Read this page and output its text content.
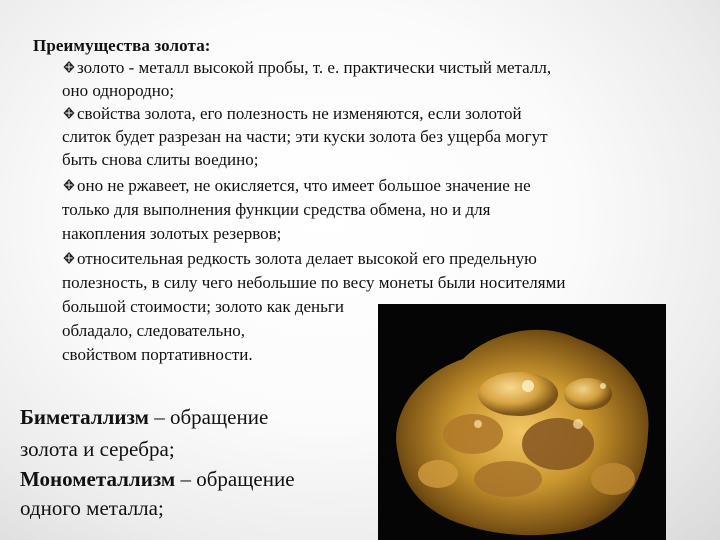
Преимущества золота:
золото - металл высокой пробы, т. е. практически чистый металл,
оно однородно;
свойства золота, его полезность не изменяются, если золотой
слиток будет разрезан на части; эти куски золота без ущерба могут
быть снова слиты воедино;
оно не ржавеет, не окисляется, что имеет большое значение не
только для выполнения функции средства обмена, но и для
накопления золотых резервов;
относительная редкость золота делает высокой его предельную
полезность, в силу чего небольшие по весу монеты были носителями
большой стоимости; золото как деньги
обладало, следовательно,
свойством портативности.
Биметаллизм – обращение
золота и серебра;
Монометаллизм – обращение
одного металла;
